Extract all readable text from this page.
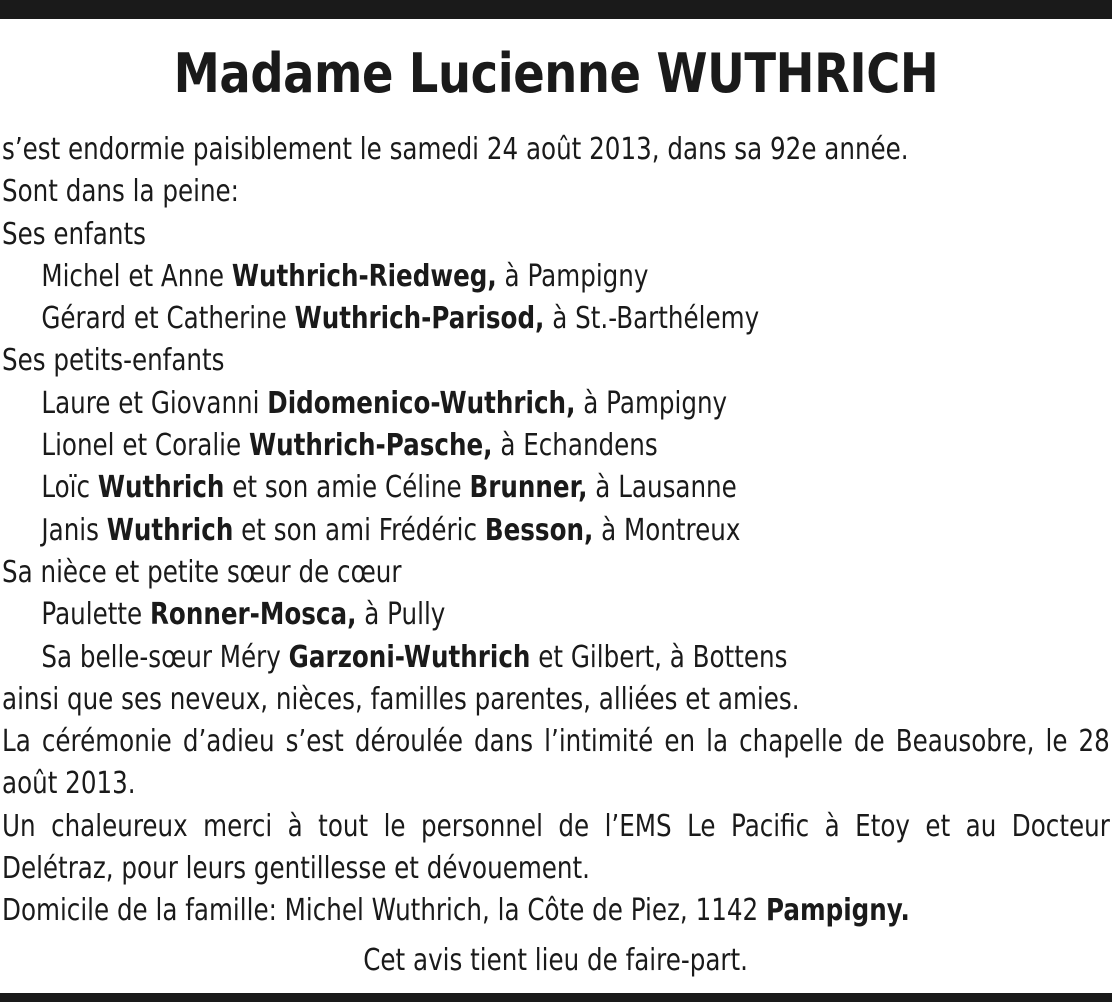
Madame Lucienne WUTHRICH
s’est endormie paisiblement le samedi 24 août 2013, dans sa 92e année.
Sont dans la peine:
Ses enfants
Michel et Anne Wuthrich-Riedweg, à Pampigny
Gérard et Catherine Wuthrich-Parisod, à St.-Barthélemy
Ses petits-enfants
Laure et Giovanni Didomenico-Wuthrich, à Pampigny
Lionel et Coralie Wuthrich-Pasche, à Echandens
Loïc Wuthrich et son amie Céline Brunner, à Lausanne
Janis Wuthrich et son ami Frédéric Besson, à Montreux
Sa nièce et petite sœur de cœur
Paulette Ronner-Mosca, à Pully
Sa belle-sœur Méry Garzoni-Wuthrich et Gilbert, à Bottens
ainsi que ses neveux, nièces, familles parentes, alliées et amies.
La cérémonie d’adieu s’est déroulée dans l’intimité en la chapelle de Beausobre, le 28 août 2013.
Un chaleureux merci à tout le personnel de l’EMS Le Pacific à Etoy et au Docteur Delétraz, pour leurs gentillesse et dévouement.
Domicile de la famille: Michel Wuthrich, la Côte de Piez, 1142 Pampigny.
Cet avis tient lieu de faire-part.
